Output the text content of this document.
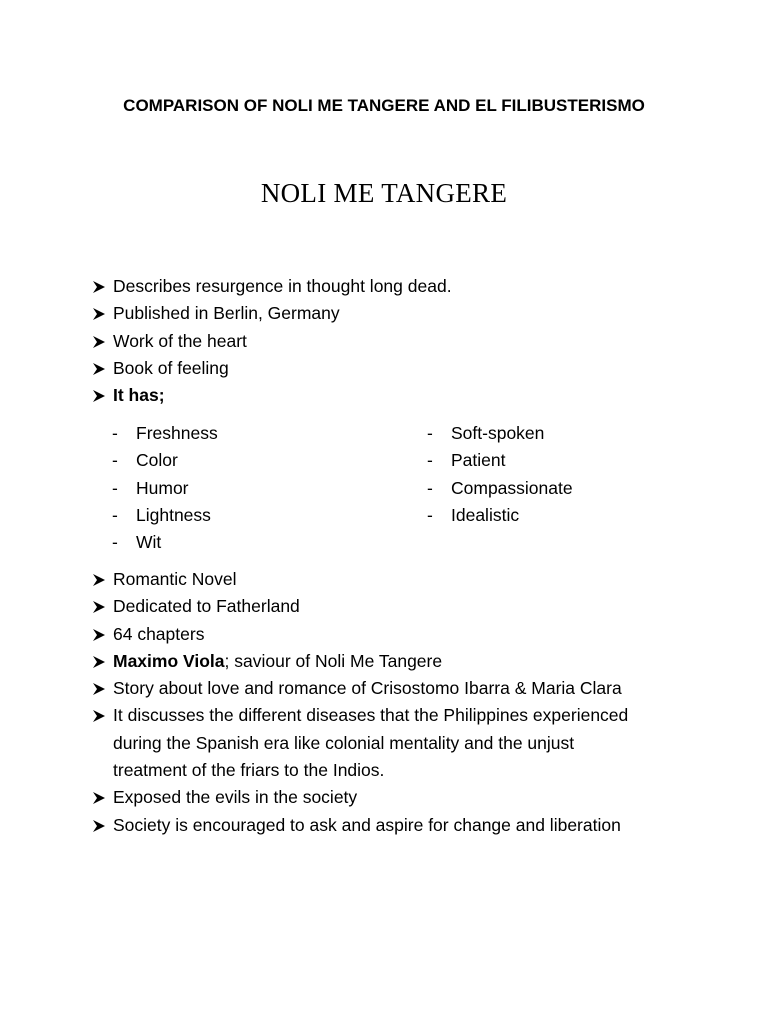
COMPARISON OF NOLI ME TANGERE AND EL FILIBUSTERISMO
NOLI ME TANGERE
Describes resurgence in thought long dead.
Published in Berlin, Germany
Work of the heart
Book of feeling
It has;
- Freshness
- Color
- Humor
- Lightness
- Wit
- Soft-spoken
- Patient
- Compassionate
- Idealistic
Romantic Novel
Dedicated to Fatherland
64 chapters
Maximo Viola; saviour of Noli Me Tangere
Story about love and romance of Crisostomo Ibarra & Maria Clara
It discusses the different diseases that the Philippines experienced
during the Spanish era like colonial mentality and the unjust
treatment of the friars to the Indios.
Exposed the evils in the society
Society is encouraged to ask and aspire for change and liberation
